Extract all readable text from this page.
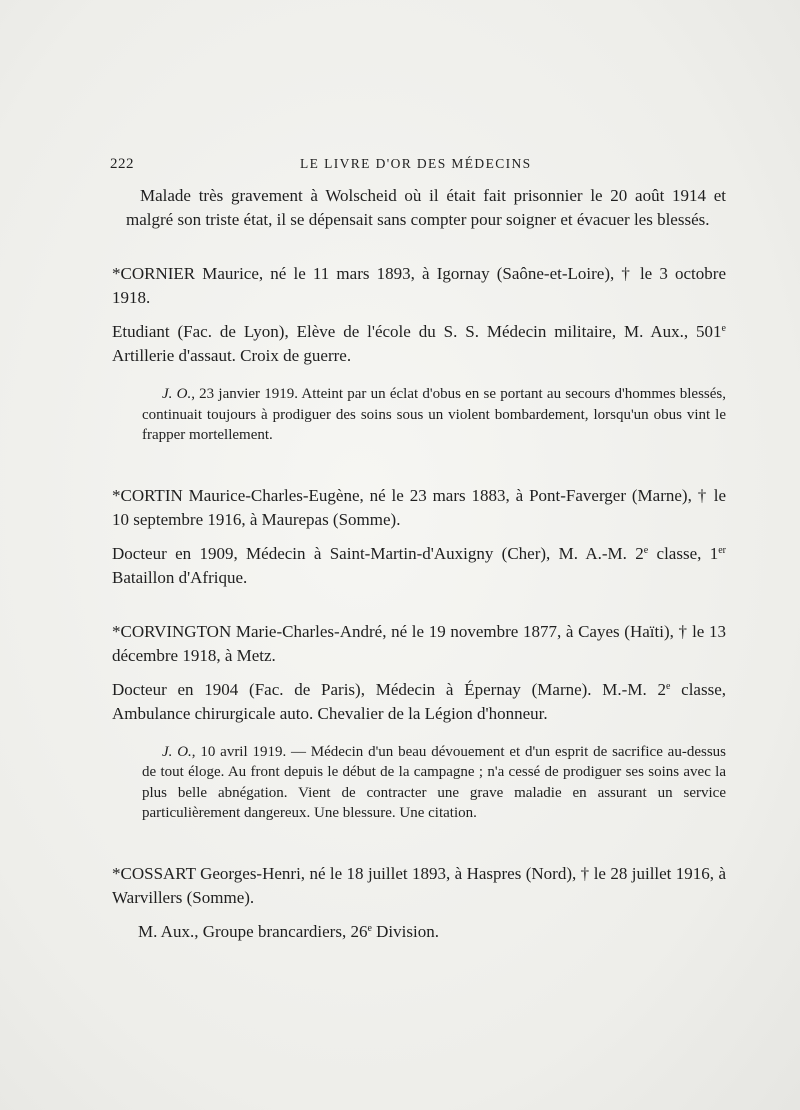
222	LE LIVRE D'OR DES MÉDECINS

Malade très gravement à Wolscheid où il était fait prisonnier le 20 août 1914 et malgré son triste état, il se dépensait sans compter pour soigner et évacuer les blessés.

*CORNIER Maurice, né le 11 mars 1893, à Igornay (Saône-et-Loire), † le 3 octobre 1918.

Etudiant (Fac. de Lyon), Elève de l'école du S. S. Médecin militaire, M. Aux., 501e Artillerie d'assaut. Croix de guerre.

J. O., 23 janvier 1919. Atteint par un éclat d'obus en se portant au secours d'hommes blessés, continuait toujours à prodiguer des soins sous un violent bombardement, lorsqu'un obus vint le frapper mortellement.

*CORTIN Maurice-Charles-Eugène, né le 23 mars 1883, à Pont-Faverger (Marne), † le 10 septembre 1916, à Maurepas (Somme).

Docteur en 1909, Médecin à Saint-Martin-d'Auxigny (Cher), M. A.-M. 2e classe, 1er Bataillon d'Afrique.

*CORVINGTON Marie-Charles-André, né le 19 novembre 1877, à Cayes (Haïti), † le 13 décembre 1918, à Metz.

Docteur en 1904 (Fac. de Paris), Médecin à Épernay (Marne). M.-M. 2e classe, Ambulance chirurgicale auto. Chevalier de la Légion d'honneur.

J. O., 10 avril 1919. — Médecin d'un beau dévouement et d'un esprit de sacrifice au-dessus de tout éloge. Au front depuis le début de la campagne ; n'a cessé de prodiguer ses soins avec la plus belle abnégation. Vient de contracter une grave maladie en assurant un service particulièrement dangereux. Une blessure. Une citation.

*COSSART Georges-Henri, né le 18 juillet 1893, à Haspres (Nord), † le 28 juillet 1916, à Warvillers (Somme).

M. Aux., Groupe brancardiers, 26e Division.
